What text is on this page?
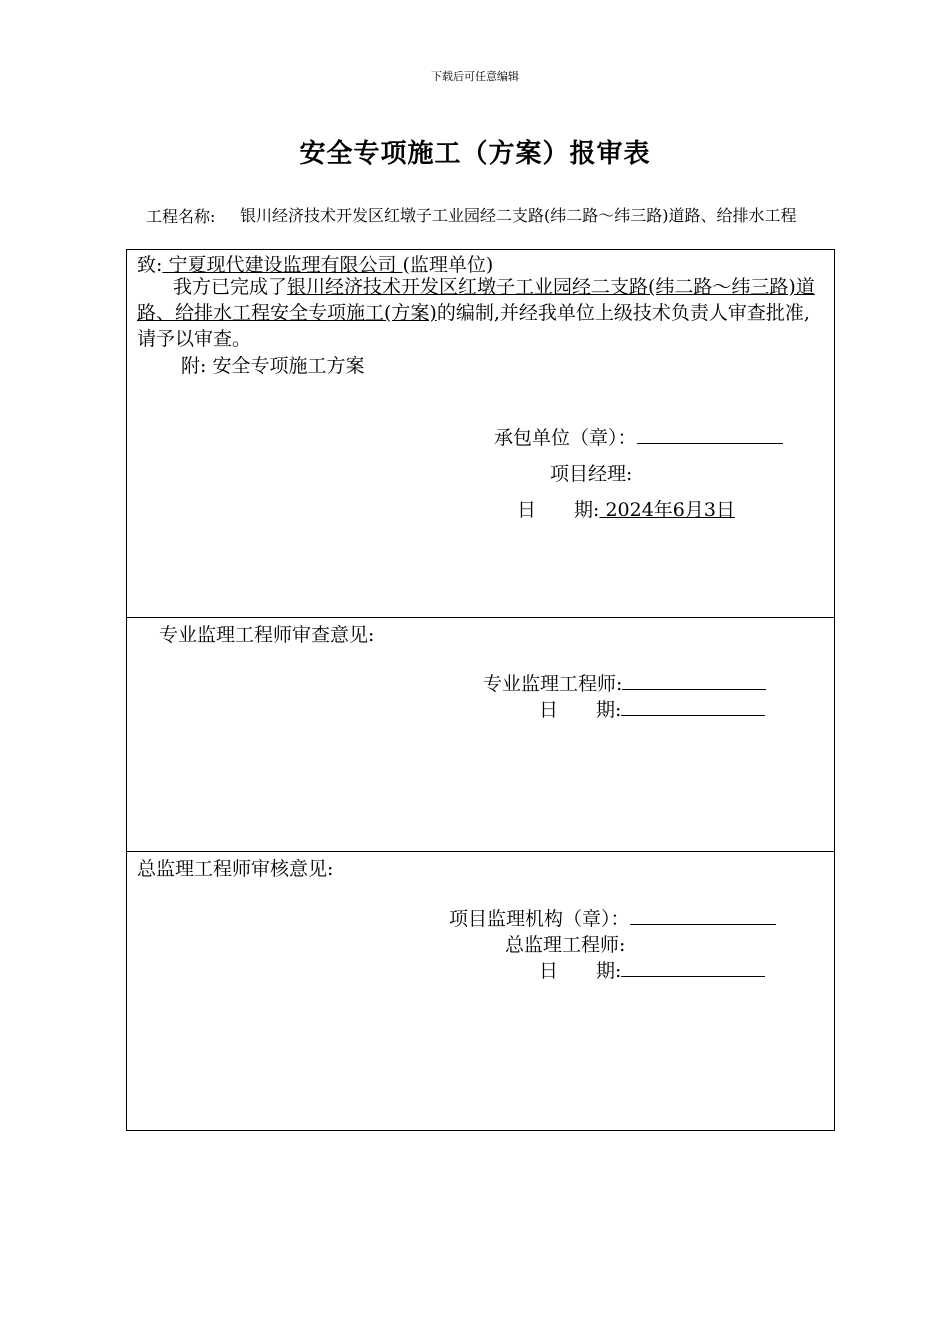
下载后可任意编辑
安全专项施工（方案）报审表
工程名称: 银川经济技术开发区红墩子工业园经二支路(纬二路～纬三路)道路、给排水工程
致: 宁夏现代建设监理有限公司 (监理单位)
我方已完成了银川经济技术开发区红墩子工业园经二支路(纬二路～纬三路)道路、给排水工程安全专项施工(方案)的编制,并经我单位上级技术负责人审查批准,请予以审查。
附: 安全专项施工方案
承包单位（章）：
项目经理:
日　　期: 2024年6月3日
专业监理工程师审查意见:
专业监理工程师:
日　　期:
总监理工程师审核意见:
项目监理机构（章）：
总监理工程师:
日　　期:
